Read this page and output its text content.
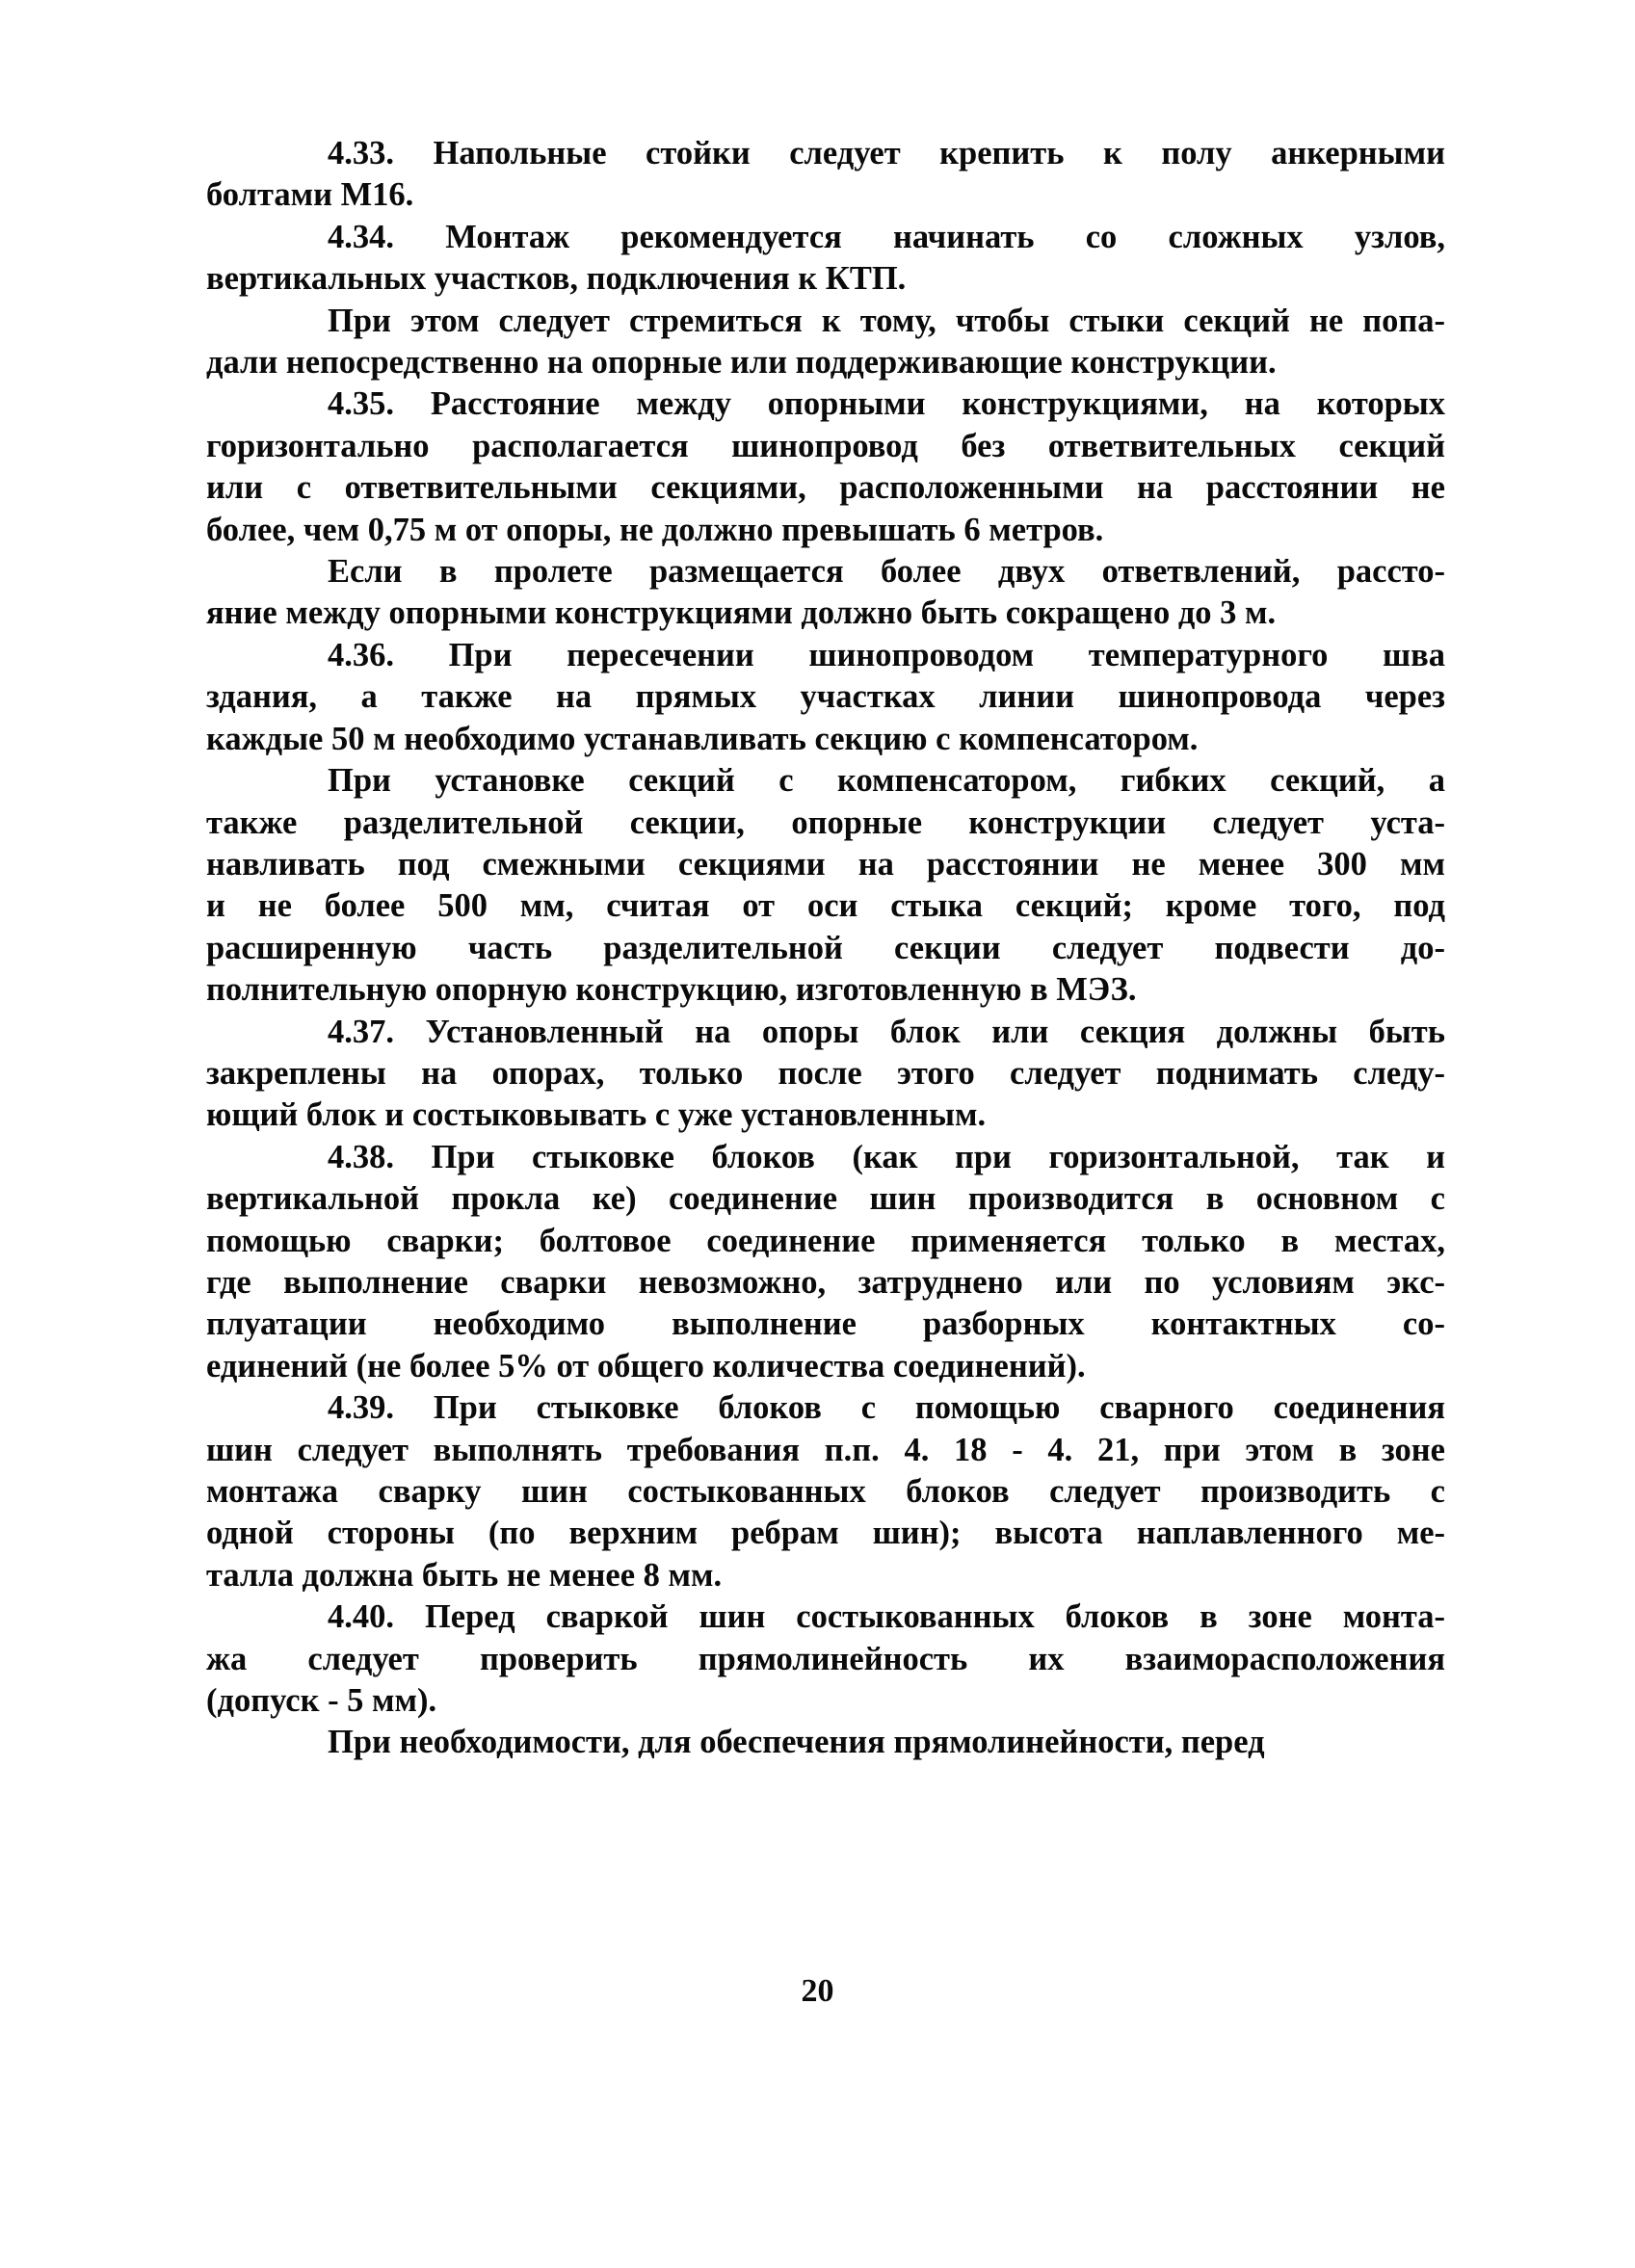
4.33. Напольные стойки следует крепить к полу анкерными
болтами М16.
4.34. Монтаж рекомендуется начинать со сложных узлов,
вертикальных участков, подключения к КТП.
При этом следует стремиться к тому, чтобы стыки секций не попа-
дали непосредственно на опорные или поддерживающие конструкции.
4.35. Расстояние между опорными конструкциями, на которых
горизонтально располагается шинопровод без ответвительных секций
или с ответвительными секциями, расположенными на расстоянии не
более, чем 0,75 м от опоры, не должно превышать 6 метров.
Если в пролете размещается более двух ответвлений, рассто-
яние между опорными конструкциями должно быть сокращено до 3 м.
4.36. При пересечении шинопроводом температурного шва
здания, а также на прямых участках линии шинопровода через
каждые 50 м необходимо устанавливать секцию с компенсатором.
При установке секций с компенсатором, гибких секций, а
также разделительной секции, опорные конструкции следует уста-
навливать под смежными секциями на расстоянии не менее 300 мм
и не более 500 мм, считая от оси стыка секций; кроме того, под
расширенную часть разделительной секции следует подвести до-
полнительную опорную конструкцию, изготовленную в МЭЗ.
4.37. Установленный на опоры блок или секция должны быть
закреплены на опорах, только после этого следует поднимать следу-
ющий блок и состыковывать с уже установленным.
4.38. При стыковке блоков (как при горизонтальной, так и
вертикальной прокла ке) соединение шин производится в основном с
помощью сварки; болтовое соединение применяется только в местах,
где выполнение сварки невозможно, затруднено или по условиям экс-
плуатации необходимо выполнение разборных контактных со-
единений (не более 5% от общего количества соединений).
4.39. При стыковке блоков с помощью сварного соединения
шин следует выполнять требования п.п. 4. 18 - 4. 21, при этом в зоне
монтажа сварку шин состыкованных блоков следует производить с
одной стороны (по верхним ребрам шин); высота наплавленного ме-
талла должна быть не менее 8 мм.
4.40. Перед сваркой шин состыкованных блоков в зоне монта-
жа следует проверить прямолинейность их взаиморасположения
(допуск - 5 мм).
При необходимости, для обеспечения прямолинейности, перед
20
